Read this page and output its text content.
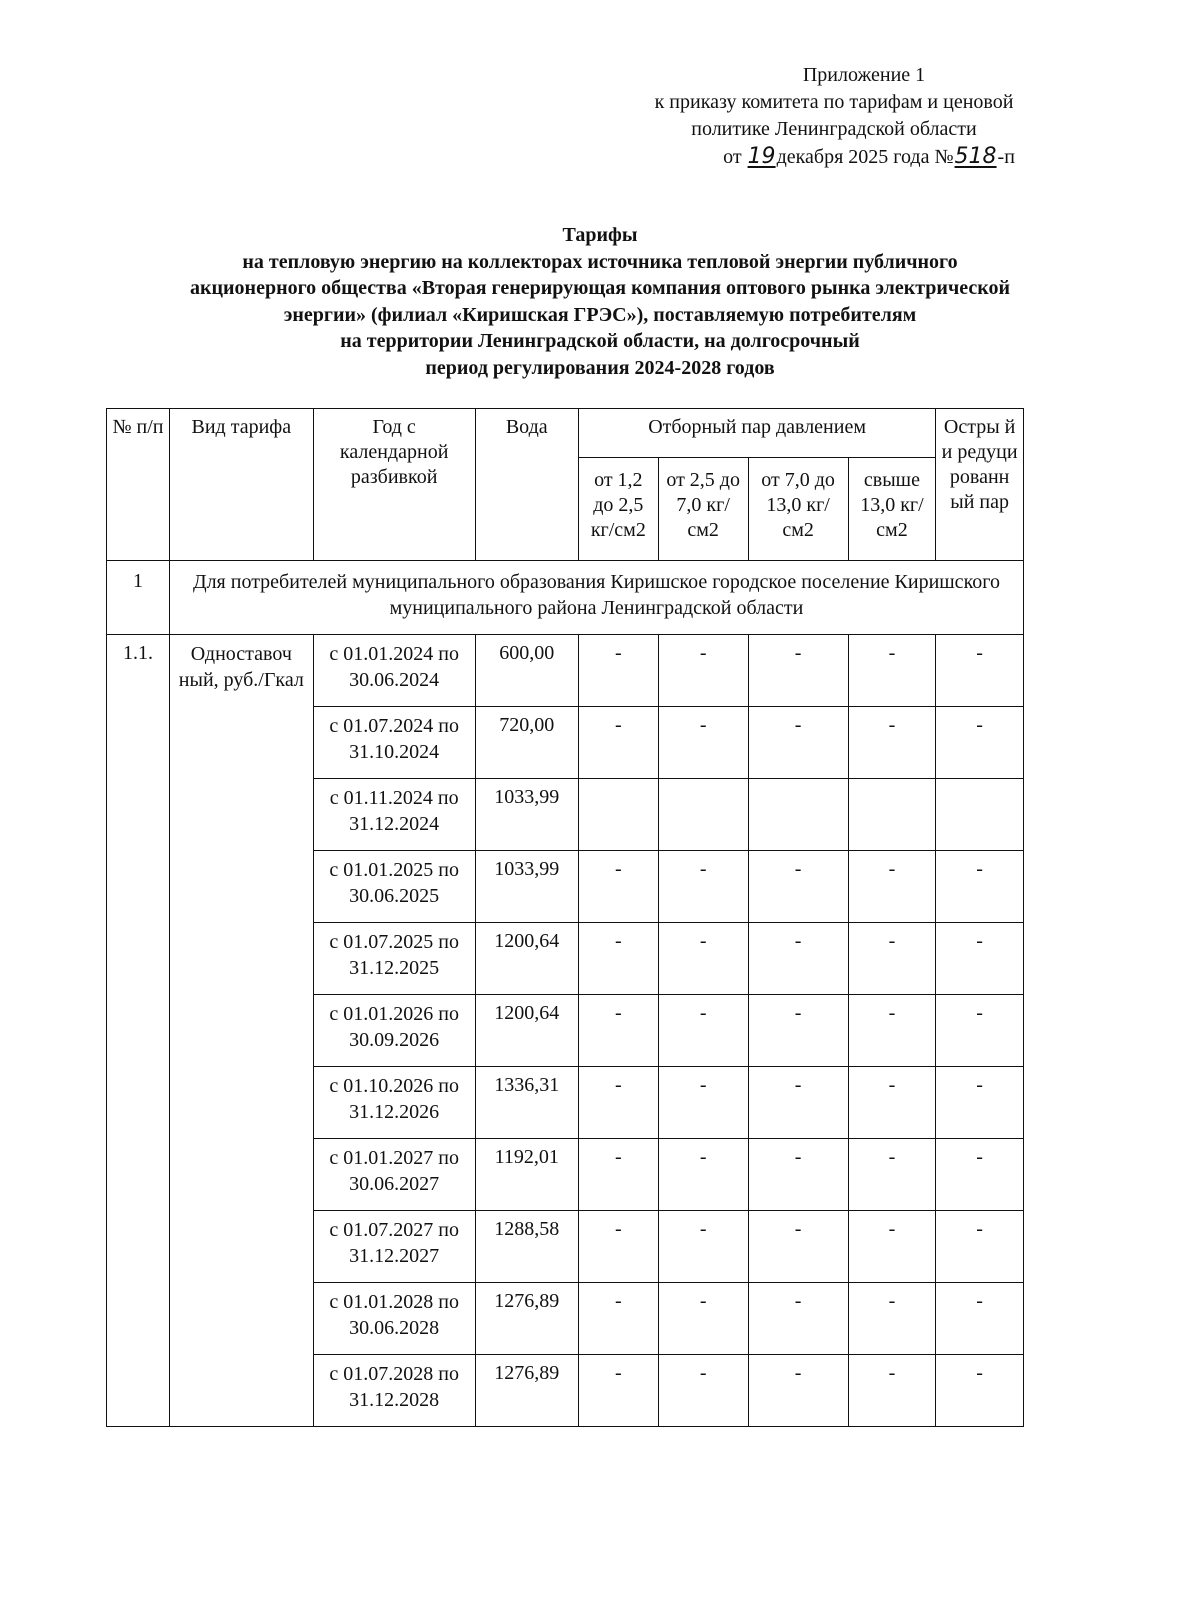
Приложение 1
к приказу комитета по тарифам и ценовой
политике Ленинградской области
от 19декабря 2025 года №518-п
Тарифы
на тепловую энергию на коллекторах источника тепловой энергии публичного
акционерного общества «Вторая генерирующая компания оптового рынка электрической
энергии» (филиал «Киришская ГРЭС»), поставляемую потребителям
на территории Ленинградской области, на долгосрочный
период регулирования 2024-2028 годов
№ п/п	Вид тарифа	Год с календарной разбивкой	Вода	Отборный пар давлением				Остры й и редуци рованн ый пар
				от 1,2 до 2,5 кг/см2	от 2,5 до 7,0 кг/см2	от 7,0 до 13,0 кг/см2	свыше 13,0 кг/см2	
1	Для потребителей муниципального образования Киришское городское поселение Киришского муниципального района Ленинградской области							
1.1.	Одноставоч ный, руб./Гкал	с 01.01.2024 по 30.06.2024	600,00	-	-	-	-	-
		с 01.07.2024 по 31.10.2024	720,00	-	-	-	-	-
		с 01.11.2024 по 31.12.2024	1033,99					
		с 01.01.2025 по 30.06.2025	1033,99	-	-	-	-	-
		с 01.07.2025 по 31.12.2025	1200,64	-	-	-	-	-
		с 01.01.2026 по 30.09.2026	1200,64	-	-	-	-	-
		с 01.10.2026 по 31.12.2026	1336,31	-	-	-	-	-
		с 01.01.2027 по 30.06.2027	1192,01	-	-	-	-	-
		с 01.07.2027 по 31.12.2027	1288,58	-	-	-	-	-
		с 01.01.2028 по 30.06.2028	1276,89	-	-	-	-	-
		с 01.07.2028 по 31.12.2028	1276,89	-	-	-	-	-
